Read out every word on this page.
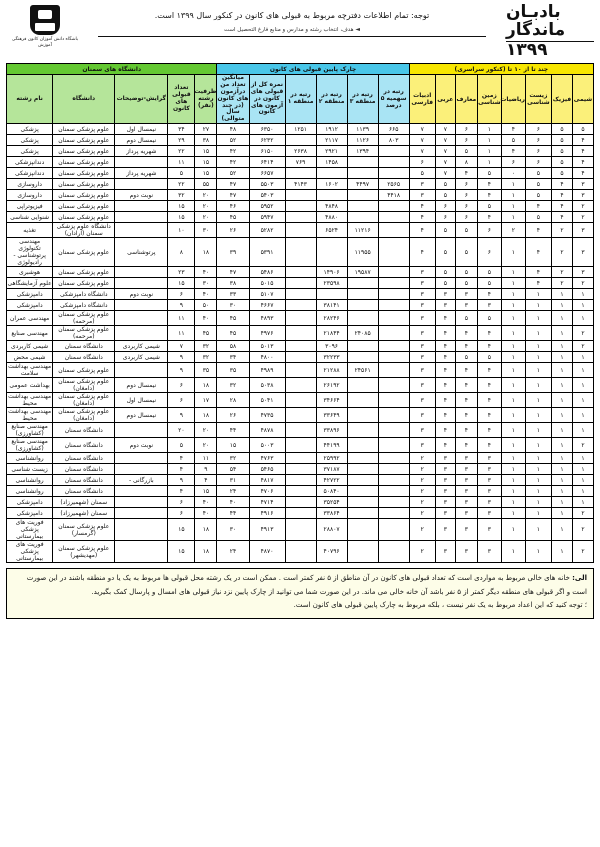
باشگاه دانش آموزان کانون فرهنگی آموزش
توجه: تمام اطلاعات دفترچه مربوط به قبولی های کانون در کنکور سال ۱۳۹۹ است.
◄ هدف، انتخاب رشته و مدارس و منابع فارغ التحصیل است
بادبـان
ماندگار
۱۳۹۹
چند تا از ۱۰ تا (کنکور سراسری)								چارک پایین قبولی های کانون						دانشگاه های سمنان				
شیمی	فیزیک	زیست شناسی	ریاضیات	زمین شناسی	معارف	عربی	ادبیات فارسی	رتبه در سهمیه ۵ درصد	رتبه در منطقه ۳	رتبه در منطقه ۲	رتبه در منطقه ۱	نمره کل از قبولی های کانون در آزمون های کانون	میانگین تعداد من درآزمون های کانون (در چند سال متوالی)	ظرفیت رشته (نفر)	تعداد قبولی های کانون	گرایش-توضیحات	دانشگاه	نام رشته
۵	۵	۶	۴	۱	۶	۷	۷	۶۶۵	۱۱۳۹	۱۹۱۲	۱۲۵۱	۶۳۵۰	۴۸	۲۷	۳۴	نیمسال اول	علوم پزشکی سمنان	پزشکی
۴	۵	۶	۵	۱	۶	۷	۷	۸۰۳	۱۱۲۶	۲۱۱۷		۶۲۳۲	۵۲	۳۸	۲۹	نیمسال دوم	علوم پزشکی سمنان	پزشکی
۴	۵	۶	۴	۱	۵	۷	۷		۱۳۹۴	۲۹۲۱	۲۶۳۸	۶۱۵۰	۴۲	۱۵	۲۲	شهریه پرداز	علوم پزشکی سمنان	پزشکی
۴	۵	۶	۶	۱	۸	۷	۶			۱۴۵۸	۷۶۹	۶۴۱۴	۴۲	۱۵	۱۱		علوم پزشکی سمنان	دندانپزشکی
۴	۵	۵	۰	۵	۴	۷	۵					۶۶۵۷	۵۲	۱۵	۵	شهریه پرداز	علوم پزشکی سمنان	دندانپزشکی
۳	۴	۵	۱	۴	۶	۵	۳	۲۵۶۵	۴۴۹۷	۱۶۰۲	۴۱۴۳	۵۵۰۳	۴۷	۵۵	۲۲		علوم پزشکی سمنان	داروسازی
۳	۴	۵	۱	۴	۶	۵	۳	۴۴۱۸				۵۴۰۳	۴۷	۲۰	۳۲	نوبت دوم	علوم پزشکی سمنان	داروسازی
۲	۴	۴	۱	۵	۶	۶	۴			۴۸۴۸		۵۹۵۲	۴۶	۲۰	۱۵		علوم پزشکی سمنان	فیزیوتراپی
۲	۴	۵	۱	۴	۶	۶	۴			۴۸۸۰		۵۹۴۷	۴۵	۲۰	۱۵		علوم پزشکی سمنان	شنوایی شناسی
۳	۲	۴	۲	۶	۵	۵	۴		۱۱۲۱۶	۶۵۲۴		۵۲۸۲	۲۶	۳۰	۱۰		دانشگاه علوم پزشکی سمنان (آرادان)	تغذیه
۳	۲	۴	۱	۶	۵	۵	۴		۱۱۹۵۵			۵۳۹۱	۳۹	۱۸	۸	پرتوشناسی	علوم پزشکی سمنان	مهندسی تکنولوژی پرتوشناسی - رادیولوژی
۳	۲	۴	۱	۵	۵	۵	۳		۱۹۵۸۷	۱۴۹۰۶		۵۴۸۶	۴۷	۴۰	۲۳		علوم پزشکی سمنان	هوشبری
۲	۲	۴	۱	۵	۵	۵	۳			۲۳۵۹۸		۵۰۱۵	۳۸	۳۰	۱۵		علوم پزشکی سمنان	علوم آزمایشگاهی
۱	۱	۱	۱	۴	۳	۳	۳					۵۱۰۷	۳۳	۴۰	۶	نوبت دوم	دانشگاه دامپزشکی	دامپزشکی
۱	۱	۱	۱	۳	۳	۳	۳			۳۸۱۴۱		۴۶۶۷	۳۰	۵۰	۹		دانشگاه دامپزشکی	دامپزشکی
۱	۱	۱	۱	۵	۵	۴	۳			۲۸۲۴۶		۴۸۹۳	۴۵	۴۰	۱۱		علوم پزشکی سمنان (مرحمه)	مهندسی عمران
۲	۱	۱	۱	۴	۴	۴	۳		۲۴۰۸۵	۲۱۸۴۴		۴۹۷۶	۴۵	۴۵	۱۱		علوم پزشکی سمنان (مرحمه)	مهندسی صنایع
۲	۱	۱	۱	۴	۴	۴	۳			۳۰۹۶		۵۰۱۳	۵۸	۳۲	۷	شیمی کاربردی	دانشگاه سمنان	شیمی کاربردی
۱	۱	۱	۱	۵	۵	۴	۳			۳۲۲۳۳		۴۸۰۰	۳۴	۳۲	۹	شیمی کاربردی	دانشگاه سمنان	شیمی محض
۱	۱	۱	۱	۴	۴	۴	۳		۲۴۵۶۱	۲۱۲۸۸		۴۹۸۹	۳۵	۳۵	۹		علوم پزشکی سمنان	مهندسی بهداشت سلامت
۱	۱	۱	۱	۴	۴	۴	۳			۲۶۱۹۲		۵۰۳۸	۳۲	۱۸	۶	نیمسال دوم	علوم پزشکی سمنان (دامغان)	بهداشت عمومی
۱	۱	۱	۱	۴	۴	۴	۳			۳۴۶۶۴		۵۰۴۱	۲۸	۱۷	۶	نیمسال اول	علوم پزشکی سمنان (دامغان)	مهندسی بهداشت محیط
۱	۱	۱	۱	۴	۴	۴	۳			۳۳۶۴۹		۴۷۳۵	۲۶	۱۸	۹	نیمسال دوم	علوم پزشکی سمنان (دامغان)	مهندسی بهداشت محیط
۱	۱	۱	۱	۴	۴	۴	۳			۳۳۸۹۶		۴۸۷۸	۴۴	۲۰	۲۰		دانشگاه سمنان	مهندسی صنایع (کشاورزی)
۲	۱	۱	۱	۴	۴	۴	۳			۴۴۱۹۹		۵۰۰۳	۱۵	۲۰	۵	نوبت دوم	دانشگاه سمنان	مهندسی صنایع (کشاورزی)
۱	۱	۱	۱	۳	۳	۳	۲			۲۵۹۹۲		۴۷۶۳	۳۲	۱۱	۴		دانشگاه سمنان	روانشناسی
۱	۱	۱	۱	۳	۳	۳	۲			۳۷۱۸۷		۵۴۶۵	۵۴	۹	۴		دانشگاه سمنان	زیست شناسی
۱	۱	۱	۱	۳	۳	۳	۲			۴۲۷۲۲		۴۸۱۷	۳۱	۴	۹	بازرگانی -	دانشگاه سمنان	روانشناسی
۱	۱	۱	۱	۳	۳	۳	۲			۵۰۸۴۰		۴۷۰۶	۲۴	۱۵	۴		دانشگاه سمنان	روانشناسی
۱	۱	۱	۱	۳	۳	۳	۲			۳۵۲۵۴		۴۷۱۴	۴۰	۴۰	۶		سمنان (شهمیرزاد)	دامپزشکی
۲	۱	۱	۱	۳	۳	۳	۲			۳۳۸۶۴		۴۹۱۶	۴۴	۴۰	۶		سمنان (شهمیرزاد)	دامپزشکی
۲	۱	۱	۱	۳	۳	۳	۲			۲۸۸۰۷		۴۹۱۳	۳۰	۱۸	۱۵		علوم پزشکی سمنان (گرمسار)	فوریت های پزشکی بیمارستانی
۲	۱	۱	۱	۳	۳	۳	۲			۴۰۷۹۶		۴۸۷۰	۲۴	۱۸	۱۵		علوم پزشکی سمنان (مهدیشهر)	فوریت های پزشکی بیمارستانی

الی: خانه های خالی مربوط به مواردی است که تعداد قبولی های کانون در آن مناطق از ۵ نفر کمتر است . ممکن است در یک رشته محل قبولی ها مربوط به یک یا دو منطقه باشند در این صورت

است و اگر قبولی های منطقه دیگر کمتر از ۵ نفر باشد آن خانه خالی می ماند. در این صورت شما می توانید از چارک پایین نزد نیاز قبولی های امسال و پارسال کمک بگیرید.

؛ توجه کنید که این اعداد مربوط به یک نفر نیست ، بلکه مربوط به چارک پایین قبولی های کانون است.
